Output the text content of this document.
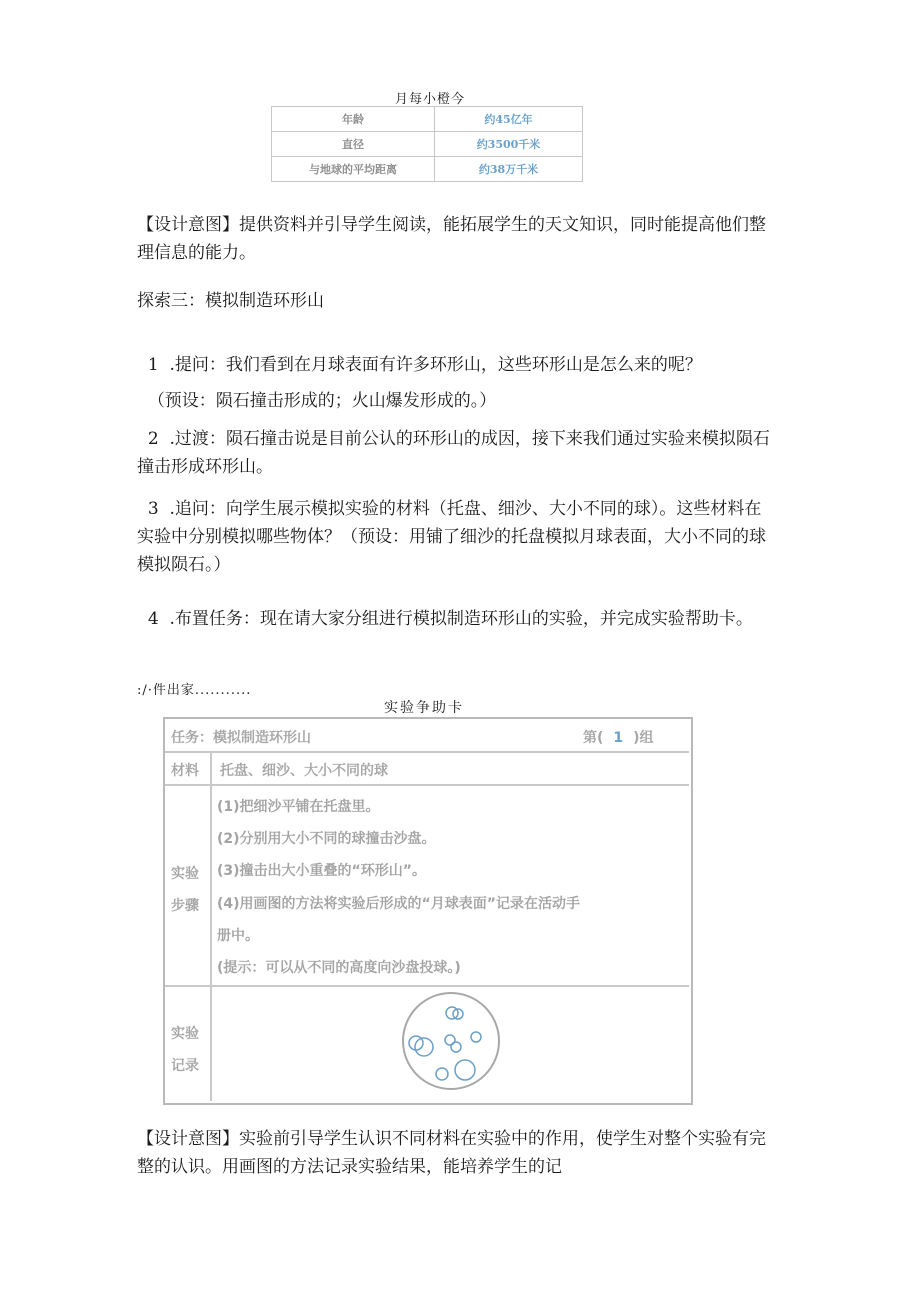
月每小橙今
年龄	约45亿年
直径	约3500千米
与地球的平均距离	约38万千米
【设计意图】提供资料并引导学生阅读，能拓展学生的天文知识，同时能提高他们整理信息的能力。
探索三：模拟制造环形山

1 .提问：我们看到在月球表面有许多环形山，这些环形山是怎么来的呢？

（预设：陨石撞击形成的；火山爆发形成的。）

2 .过渡：陨石撞击说是目前公认的环形山的成因，接下来我们通过实验来模拟陨石撞击形成环形山。

3 .追问：向学生展示模拟实验的材料（托盘、细沙、大小不同的球）。这些材料在实验中分别模拟哪些物体？（预设：用铺了细沙的托盘模拟月球表面，大小不同的球模拟陨石。）

4 .布置任务：现在请大家分组进行模拟制造环形山的实验，并完成实验帮助卡。

:/·件出家...........
实验争助卡
任务：模拟制造环形山	第( 1 )组
材料 托盘、细沙、大小不同的球
实验
步骤
(1)把细沙平铺在托盘里。
(2)分别用大小不同的球撞击沙盘。
(3)撞击出大小重叠的“环形山”。
(4)用画图的方法将实验后形成的“月球表面”记录在活动手
册中。
(提示：可以从不同的高度向沙盘投球。)
实验
记录
【设计意图】实验前引导学生认识不同材料在实验中的作用，使学生对整个实验有完整的认识。用画图的方法记录实验结果，能培养学生的记
